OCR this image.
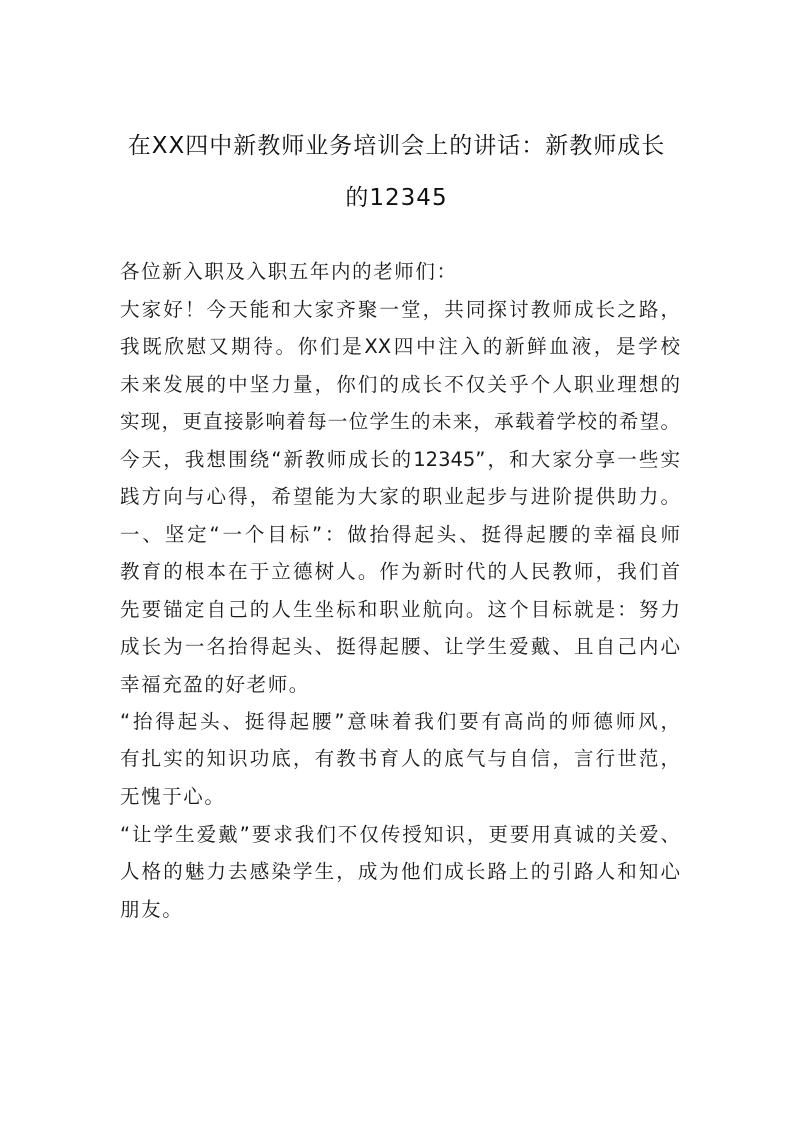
在XX四中新教师业务培训会上的讲话：新教师成长
的12345
各位新入职及入职五年内的老师们：
大家好！今天能和大家齐聚一堂，共同探讨教师成长之路，
我既欣慰又期待。你们是XX四中注入的新鲜血液，是学校
未来发展的中坚力量，你们的成长不仅关乎个人职业理想的
实现，更直接影响着每一位学生的未来，承载着学校的希望。
今天，我想围绕“新教师成长的12345”，和大家分享一些实
践方向与心得，希望能为大家的职业起步与进阶提供助力。
一、坚定“一个目标”：做抬得起头、挺得起腰的幸福良师
教育的根本在于立德树人。作为新时代的人民教师，我们首
先要锚定自己的人生坐标和职业航向。这个目标就是：努力
成长为一名抬得起头、挺得起腰、让学生爱戴、且自己内心
幸福充盈的好老师。
“抬得起头、挺得起腰”意味着我们要有高尚的师德师风，
有扎实的知识功底，有教书育人的底气与自信，言行世范，
无愧于心。
“让学生爱戴”要求我们不仅传授知识，更要用真诚的关爱、
人格的魅力去感染学生，成为他们成长路上的引路人和知心
朋友。
